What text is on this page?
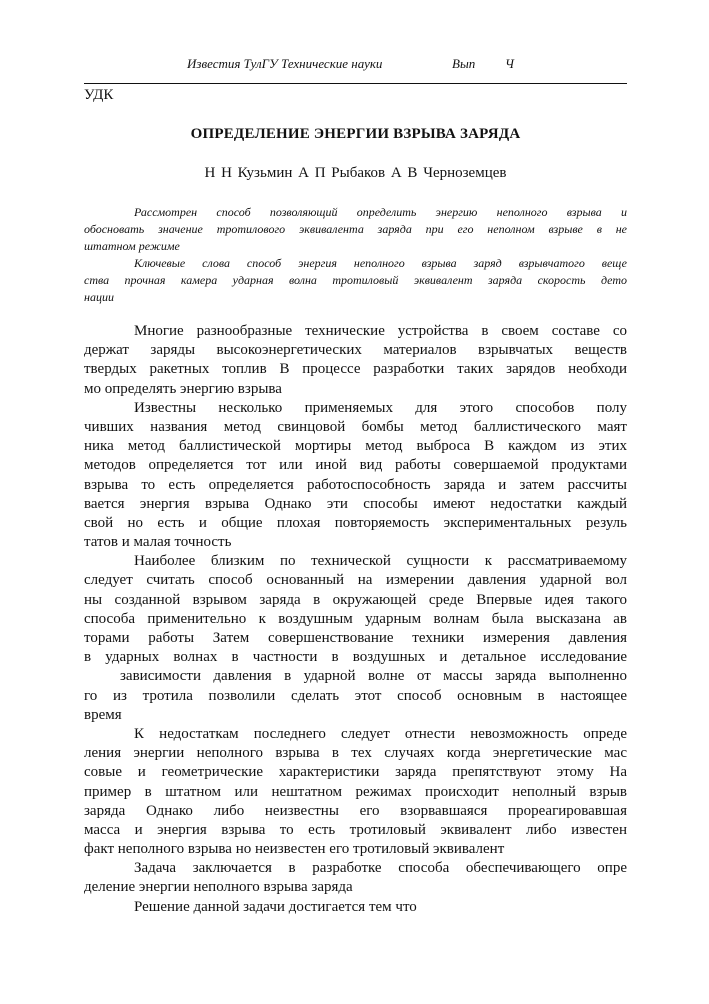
Известия ТулГУ Технические науки	Вып Ч
УДК
ОПРЕДЕЛЕНИЕ ЭНЕРГИИ ВЗРЫВА ЗАРЯДА
Н Н Кузьмин А П Рыбаков А В Черноземцев

Рассмотрен способ позволяющий определить энергию неполного взрыва и

обосновать значение тротилового эквивалента заряда при его неполном взрыве в не

штатном режиме

Ключевые слова способ энергия неполного взрыва заряд взрывчатого веще

ства прочная камера ударная волна тротиловый эквивалент заряда скорость дето

нации

Многие разнообразные технические устройства в своем составе со
держат заряды высокоэнергетических материалов взрывчатых веществ
твердых ракетных топлив В процессе разработки таких зарядов необходи
мо определять энергию взрыва
Известны несколько применяемых для этого способов полу
чивших названия метод свинцовой бомбы метод баллистического маят
ника метод баллистической мортиры метод выброса В каждом из этих
методов определяется тот или иной вид работы совершаемой продуктами
взрыва то есть определяется работоспособность заряда и затем рассчиты
вается энергия взрыва Однако эти способы имеют недостатки каждый
свой но есть и общие плохая повторяемость экспериментальных резуль
татов и малая точность
Наиболее близким по технической сущности к рассматриваемому
следует считать способ основанный на измерении давления ударной вол
ны созданной взрывом заряда в окружающей среде Впервые идея такого
способа применительно к воздушным ударным волнам была высказана ав
торами работы Затем совершенствование техники измерения давления
в ударных волнах в частности в воздушных и детальное исследование
зависимости давления в ударной волне от массы заряда выполненно
го из тротила позволили сделать этот способ основным в настоящее
время
К недостаткам последнего следует отнести невозможность опреде
ления энергии неполного взрыва в тех случаях когда энергетические мас
совые и геометрические характеристики заряда препятствуют этому На
пример в штатном или нештатном режимах происходит неполный взрыв
заряда Однако либо неизвестны его взорвавшаяся прореагировавшая
масса и энергия взрыва то есть тротиловый эквивалент либо известен
факт неполного взрыва но неизвестен его тротиловый эквивалент
Задача заключается в разработке способа обеспечивающего опре
деление энергии неполного взрыва заряда
Решение данной задачи достигается тем что
